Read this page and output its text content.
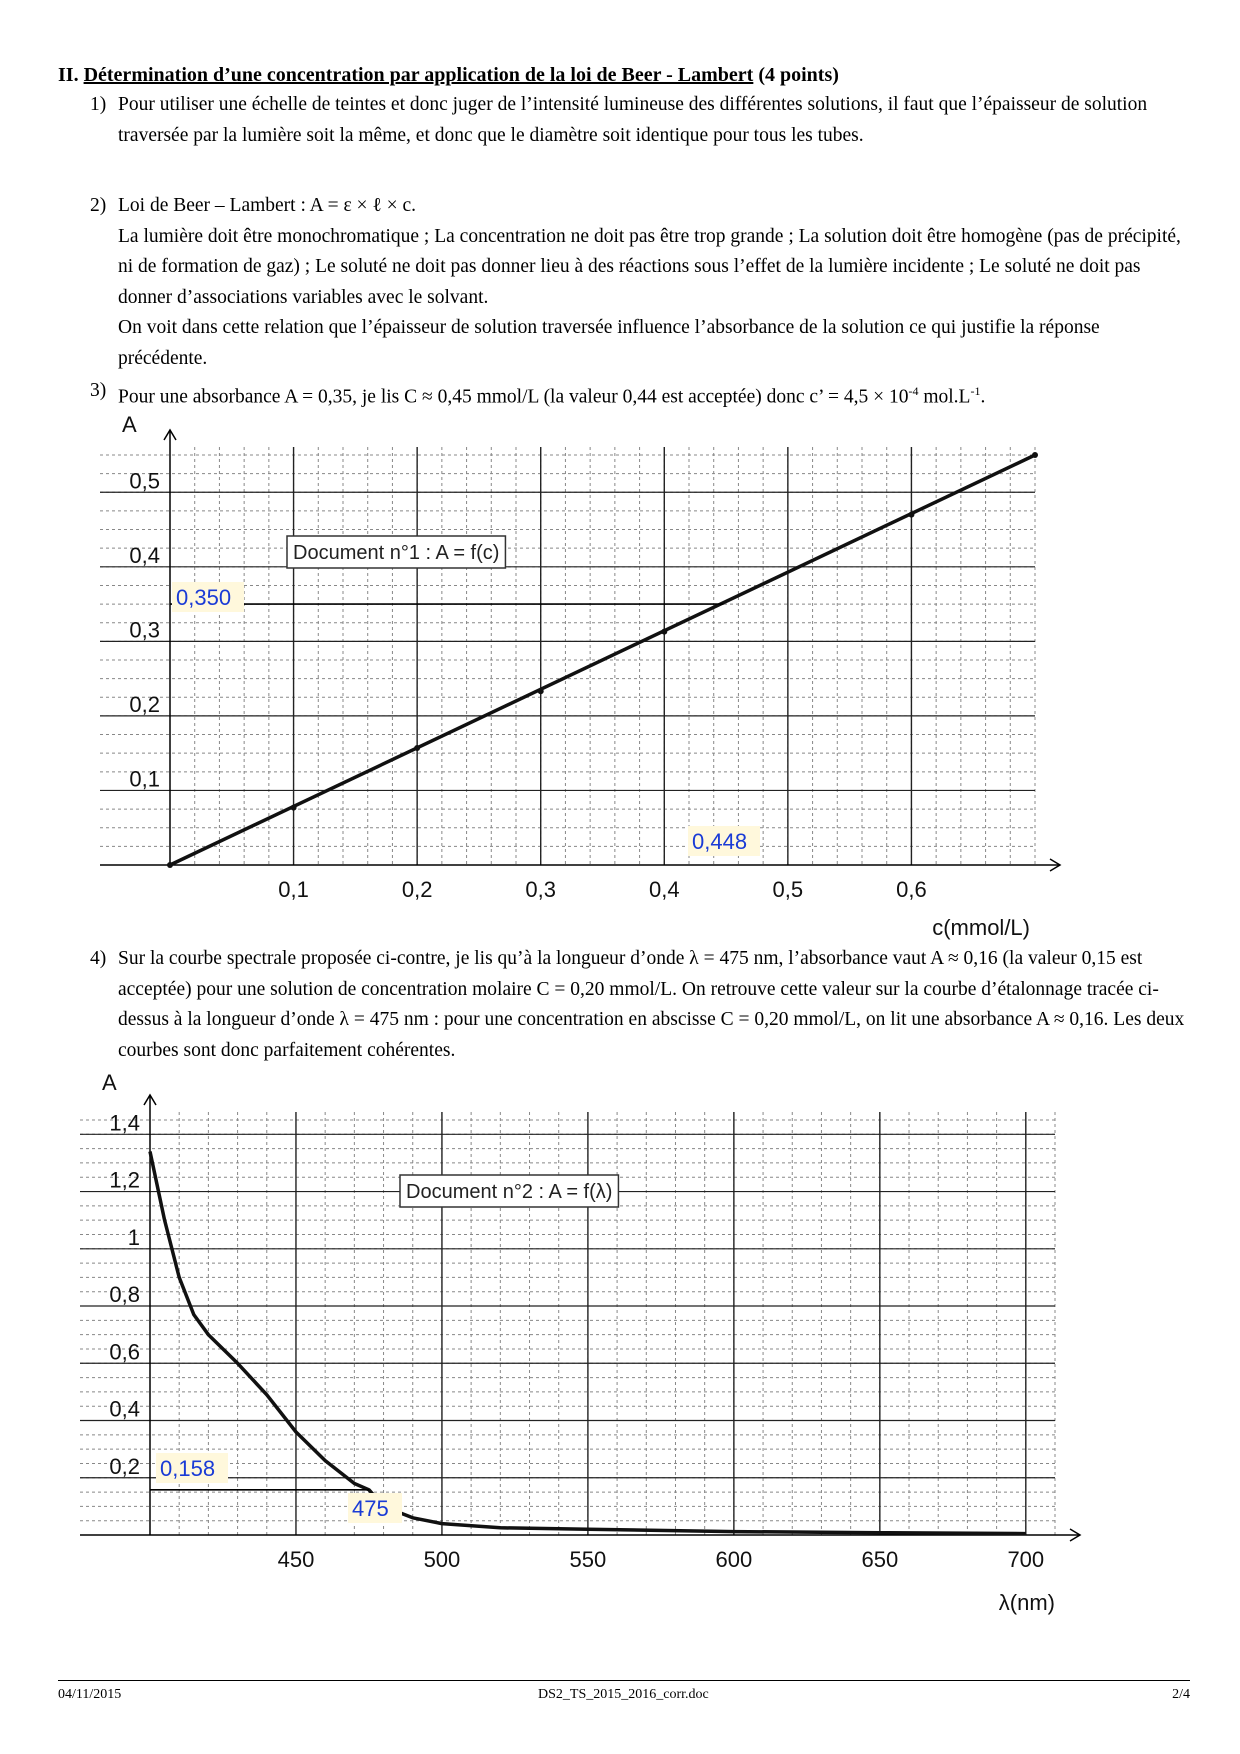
II. Détermination d’une concentration par application de la loi de Beer - Lambert (4 points)
1) Pour utiliser une échelle de teintes et donc juger de l’intensité lumineuse des différentes solutions, il faut que l’épaisseur de solution traversée par la lumière soit la même, et donc que le diamètre soit identique pour tous les tubes.
2) Loi de Beer – Lambert : A = ε × ℓ × c.
La lumière doit être monochromatique ; La concentration ne doit pas être trop grande ; La solution doit être homogène (pas de précipité, ni de formation de gaz) ; Le soluté ne doit pas donner lieu à des réactions sous l’effet de la lumière incidente ; Le soluté ne doit pas donner d’associations variables avec le solvant.
On voit dans cette relation que l’épaisseur de solution traversée influence l’absorbance de la solution ce qui justifie la réponse précédente.
3) Pour une absorbance A = 0,35, je lis C ≈ 0,45 mmol/L (la valeur 0,44 est acceptée) donc c’ = $4,5 \times 10^{-4}$ $mol.L^{-1}$.
0,1	0,2	0,3	0,4	0,5	0,6
0,1
0,2
0,3
0,4
0,5
A
c(mmol/L)
Document n°1 : A = f(c)
0,350
0,448
4) Sur la courbe spectrale proposée ci-contre, je lis qu’à la longueur d’onde λ = 475 nm, l’absorbance vaut A ≈ 0,16 (la valeur 0,15 est acceptée) pour une solution de concentration molaire C = 0,20 mmol/L. On retrouve cette valeur sur la courbe d’étalonnage tracée ci-dessus à la longueur d’onde λ = 475 nm : pour une concentration en abscisse C = 0,20 mmol/L, on lit une absorbance A ≈ 0,16. Les deux courbes sont donc parfaitement cohérentes.
450	500	550	600	650	700
0,2
0,4
0,6
0,8
1
1,2
1,4
A
λ(nm)
Document n°2 : A = f(λ)
0,158
475
04/11/2015	DS2_TS_2015_2016_corr.doc	2/4
